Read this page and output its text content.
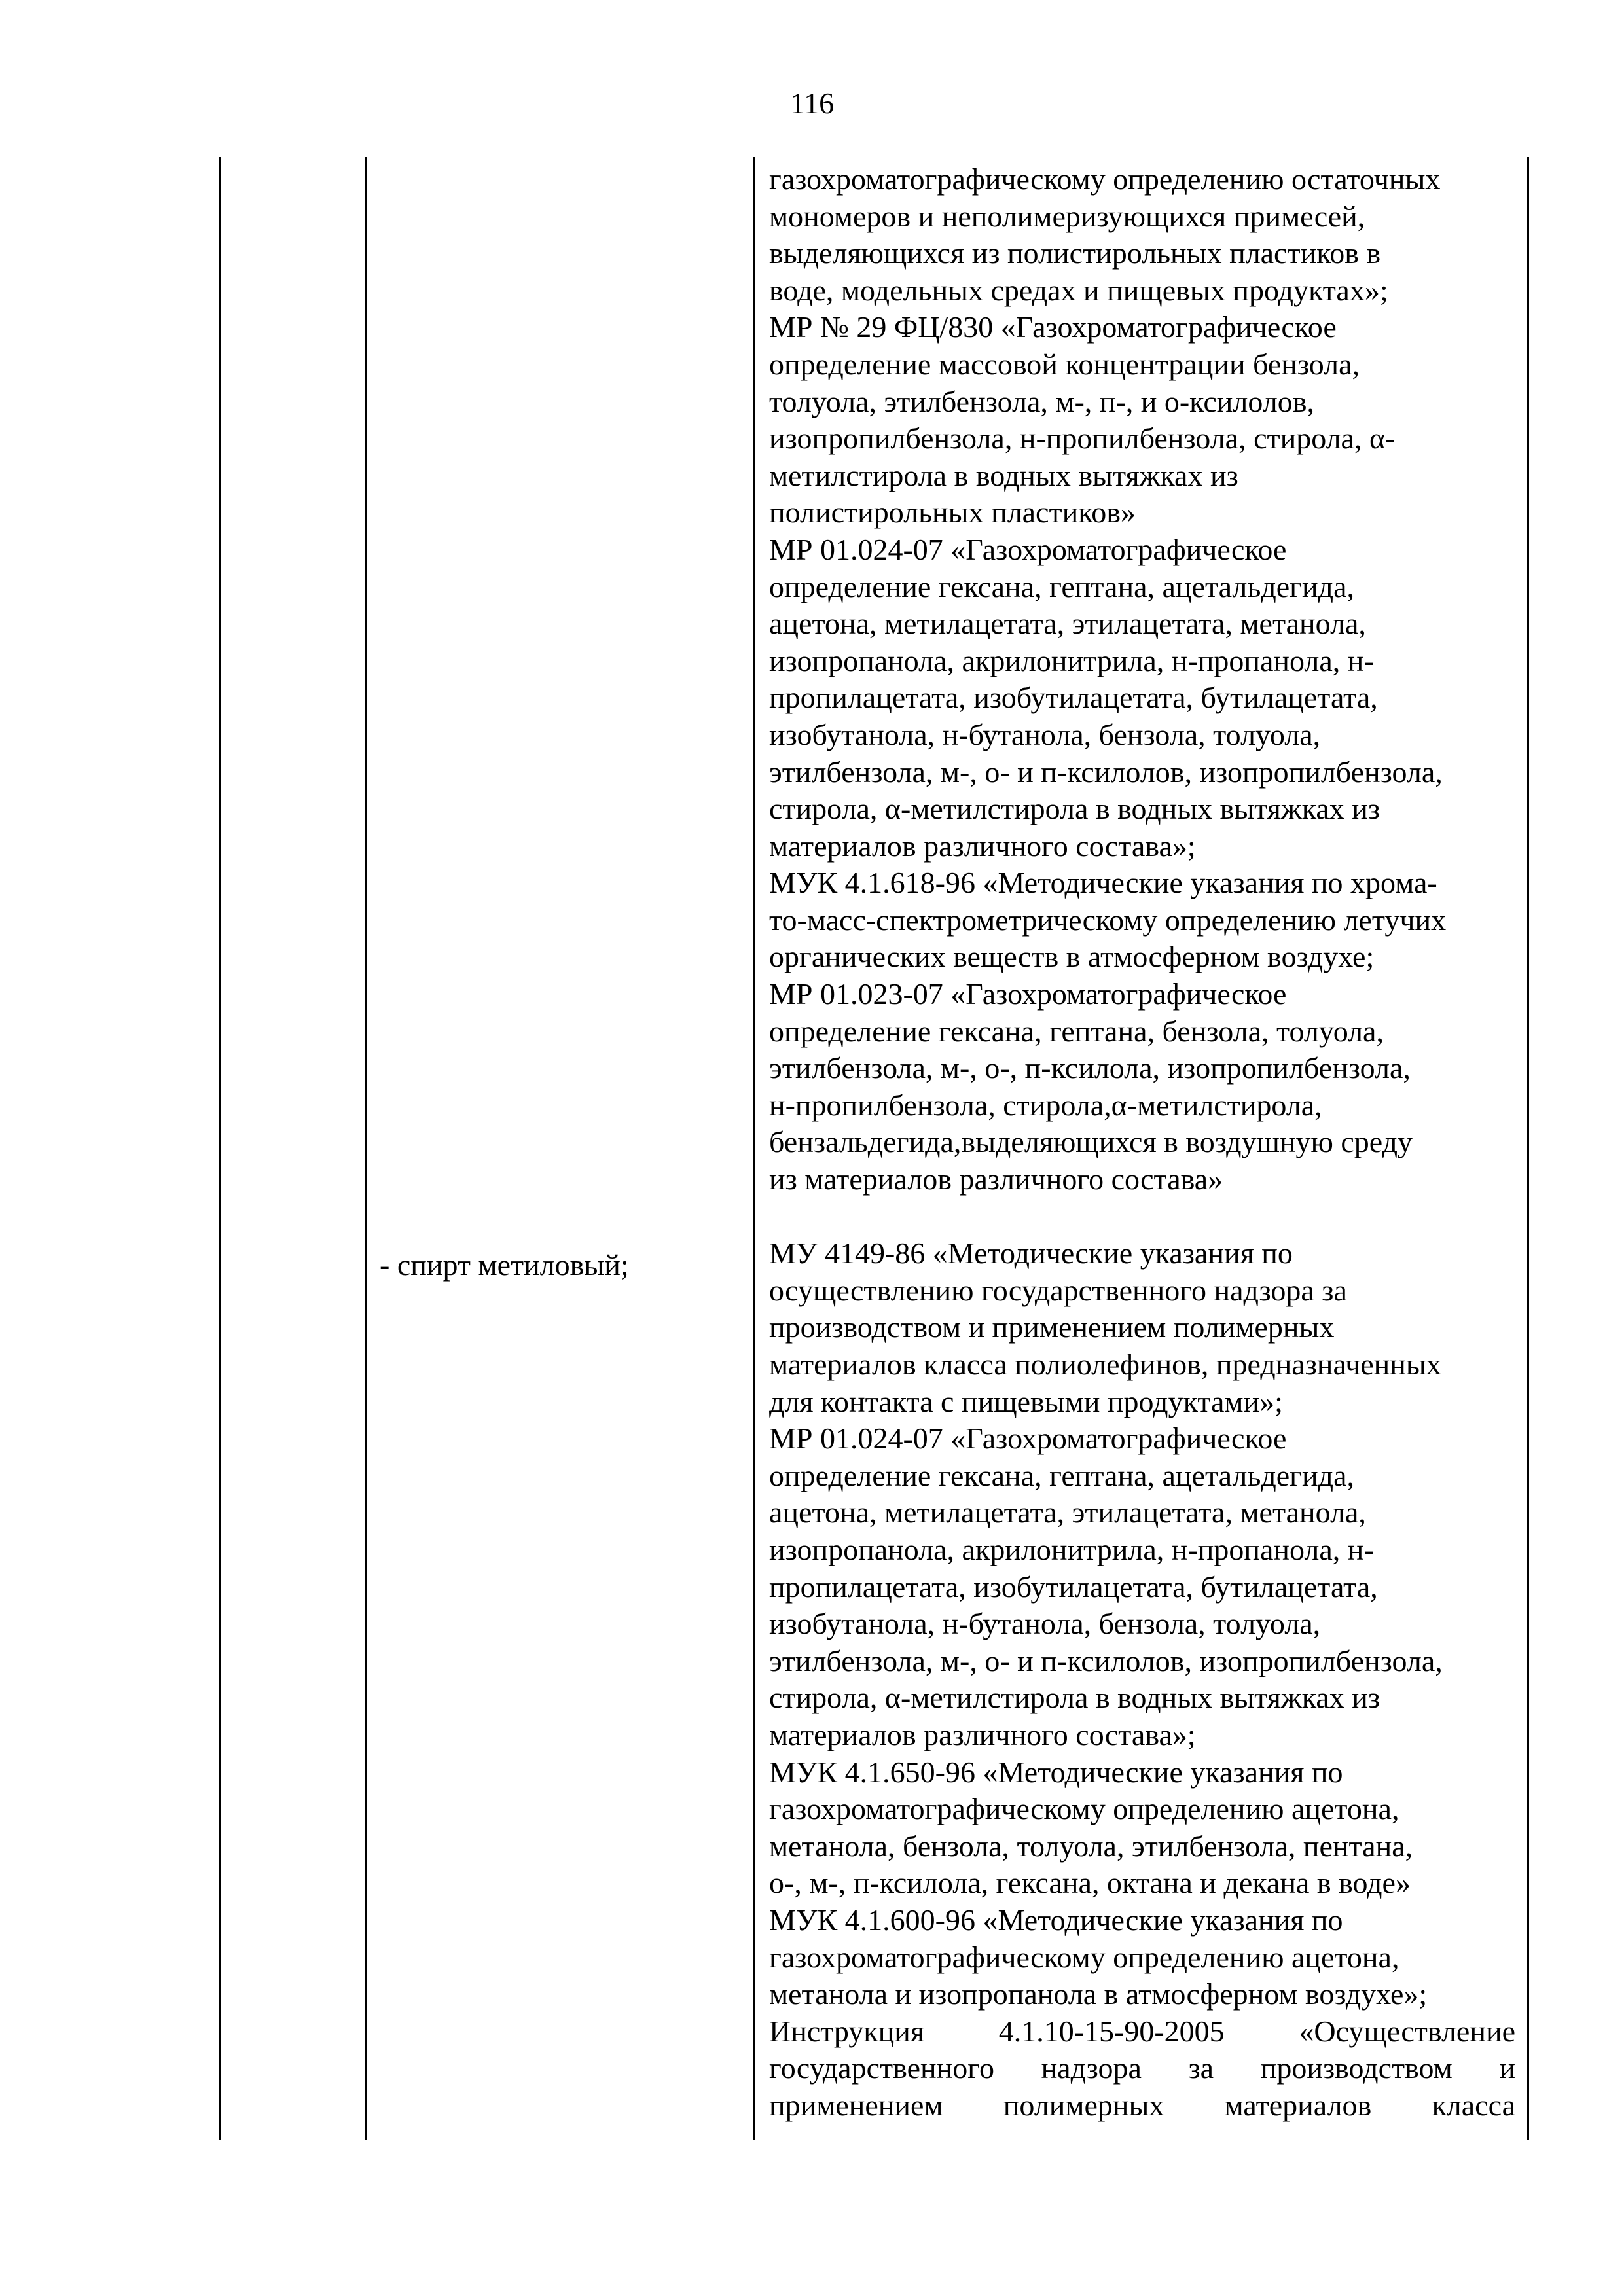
116
- спирт метиловый;
газохроматографическому определению остаточных
мономеров и неполимеризующихся примесей,
выделяющихся из полистирольных пластиков в
воде, модельных средах и пищевых продуктах»;
МР № 29 ФЦ/830 «Газохроматографическое
определение массовой концентрации бензола,
толуола, этилбензола, м-, п-, и о-ксилолов,
изопропилбензола, н-пропилбензола, стирола, α-
метилстирола в водных вытяжках из
полистирольных пластиков»
МР 01.024-07 «Газохроматографическое
определение гексана, гептана, ацетальдегида,
ацетона, метилацетата, этилацетата, метанола,
изопропанола, акрилонитрила, н-пропанола, н-
пропилацетата, изобутилацетата, бутилацетата,
изобутанола, н-бутанола, бензола, толуола,
этилбензола, м-, о- и п-ксилолов, изопропилбензола,
стирола, α-метилстирола в водных вытяжках из
материалов различного состава»;
МУК 4.1.618-96 «Методические указания по хрома-
то-масс-спектрометрическому определению летучих
органических веществ в атмосферном воздухе;
МР 01.023-07 «Газохроматографическое
определение гексана, гептана, бензола, толуола,
этилбензола, м-, о-, п-ксилола, изопропилбензола,
н-пропилбензола, стирола,α-метилстирола,
бензальдегида,выделяющихся в воздушную среду
из материалов различного состава»
МУ 4149-86 «Методические указания по
осуществлению государственного надзора за
производством и применением полимерных
материалов класса полиолефинов, предназначенных
для контакта с пищевыми продуктами»;
МР 01.024-07 «Газохроматографическое
определение гексана, гептана, ацетальдегида,
ацетона, метилацетата, этилацетата, метанола,
изопропанола, акрилонитрила, н-пропанола, н-
пропилацетата, изобутилацетата, бутилацетата,
изобутанола, н-бутанола, бензола, толуола,
этилбензола, м-, о- и п-ксилолов, изопропилбензола,
стирола, α-метилстирола в водных вытяжках из
материалов различного состава»;
МУК 4.1.650-96 «Методические указания по
газохроматографическому определению ацетона,
метанола, бензола, толуола, этилбензола, пентана,
о-, м-, п-ксилола, гексана, октана и декана в воде»
МУК 4.1.600-96 «Методические указания по
газохроматографическому определению ацетона,
метанола и изопропанола в атмосферном воздухе»;
Инструкция 4.1.10-15-90-2005 «Осуществление
государственного надзора за производством и
применением полимерных материалов класса
